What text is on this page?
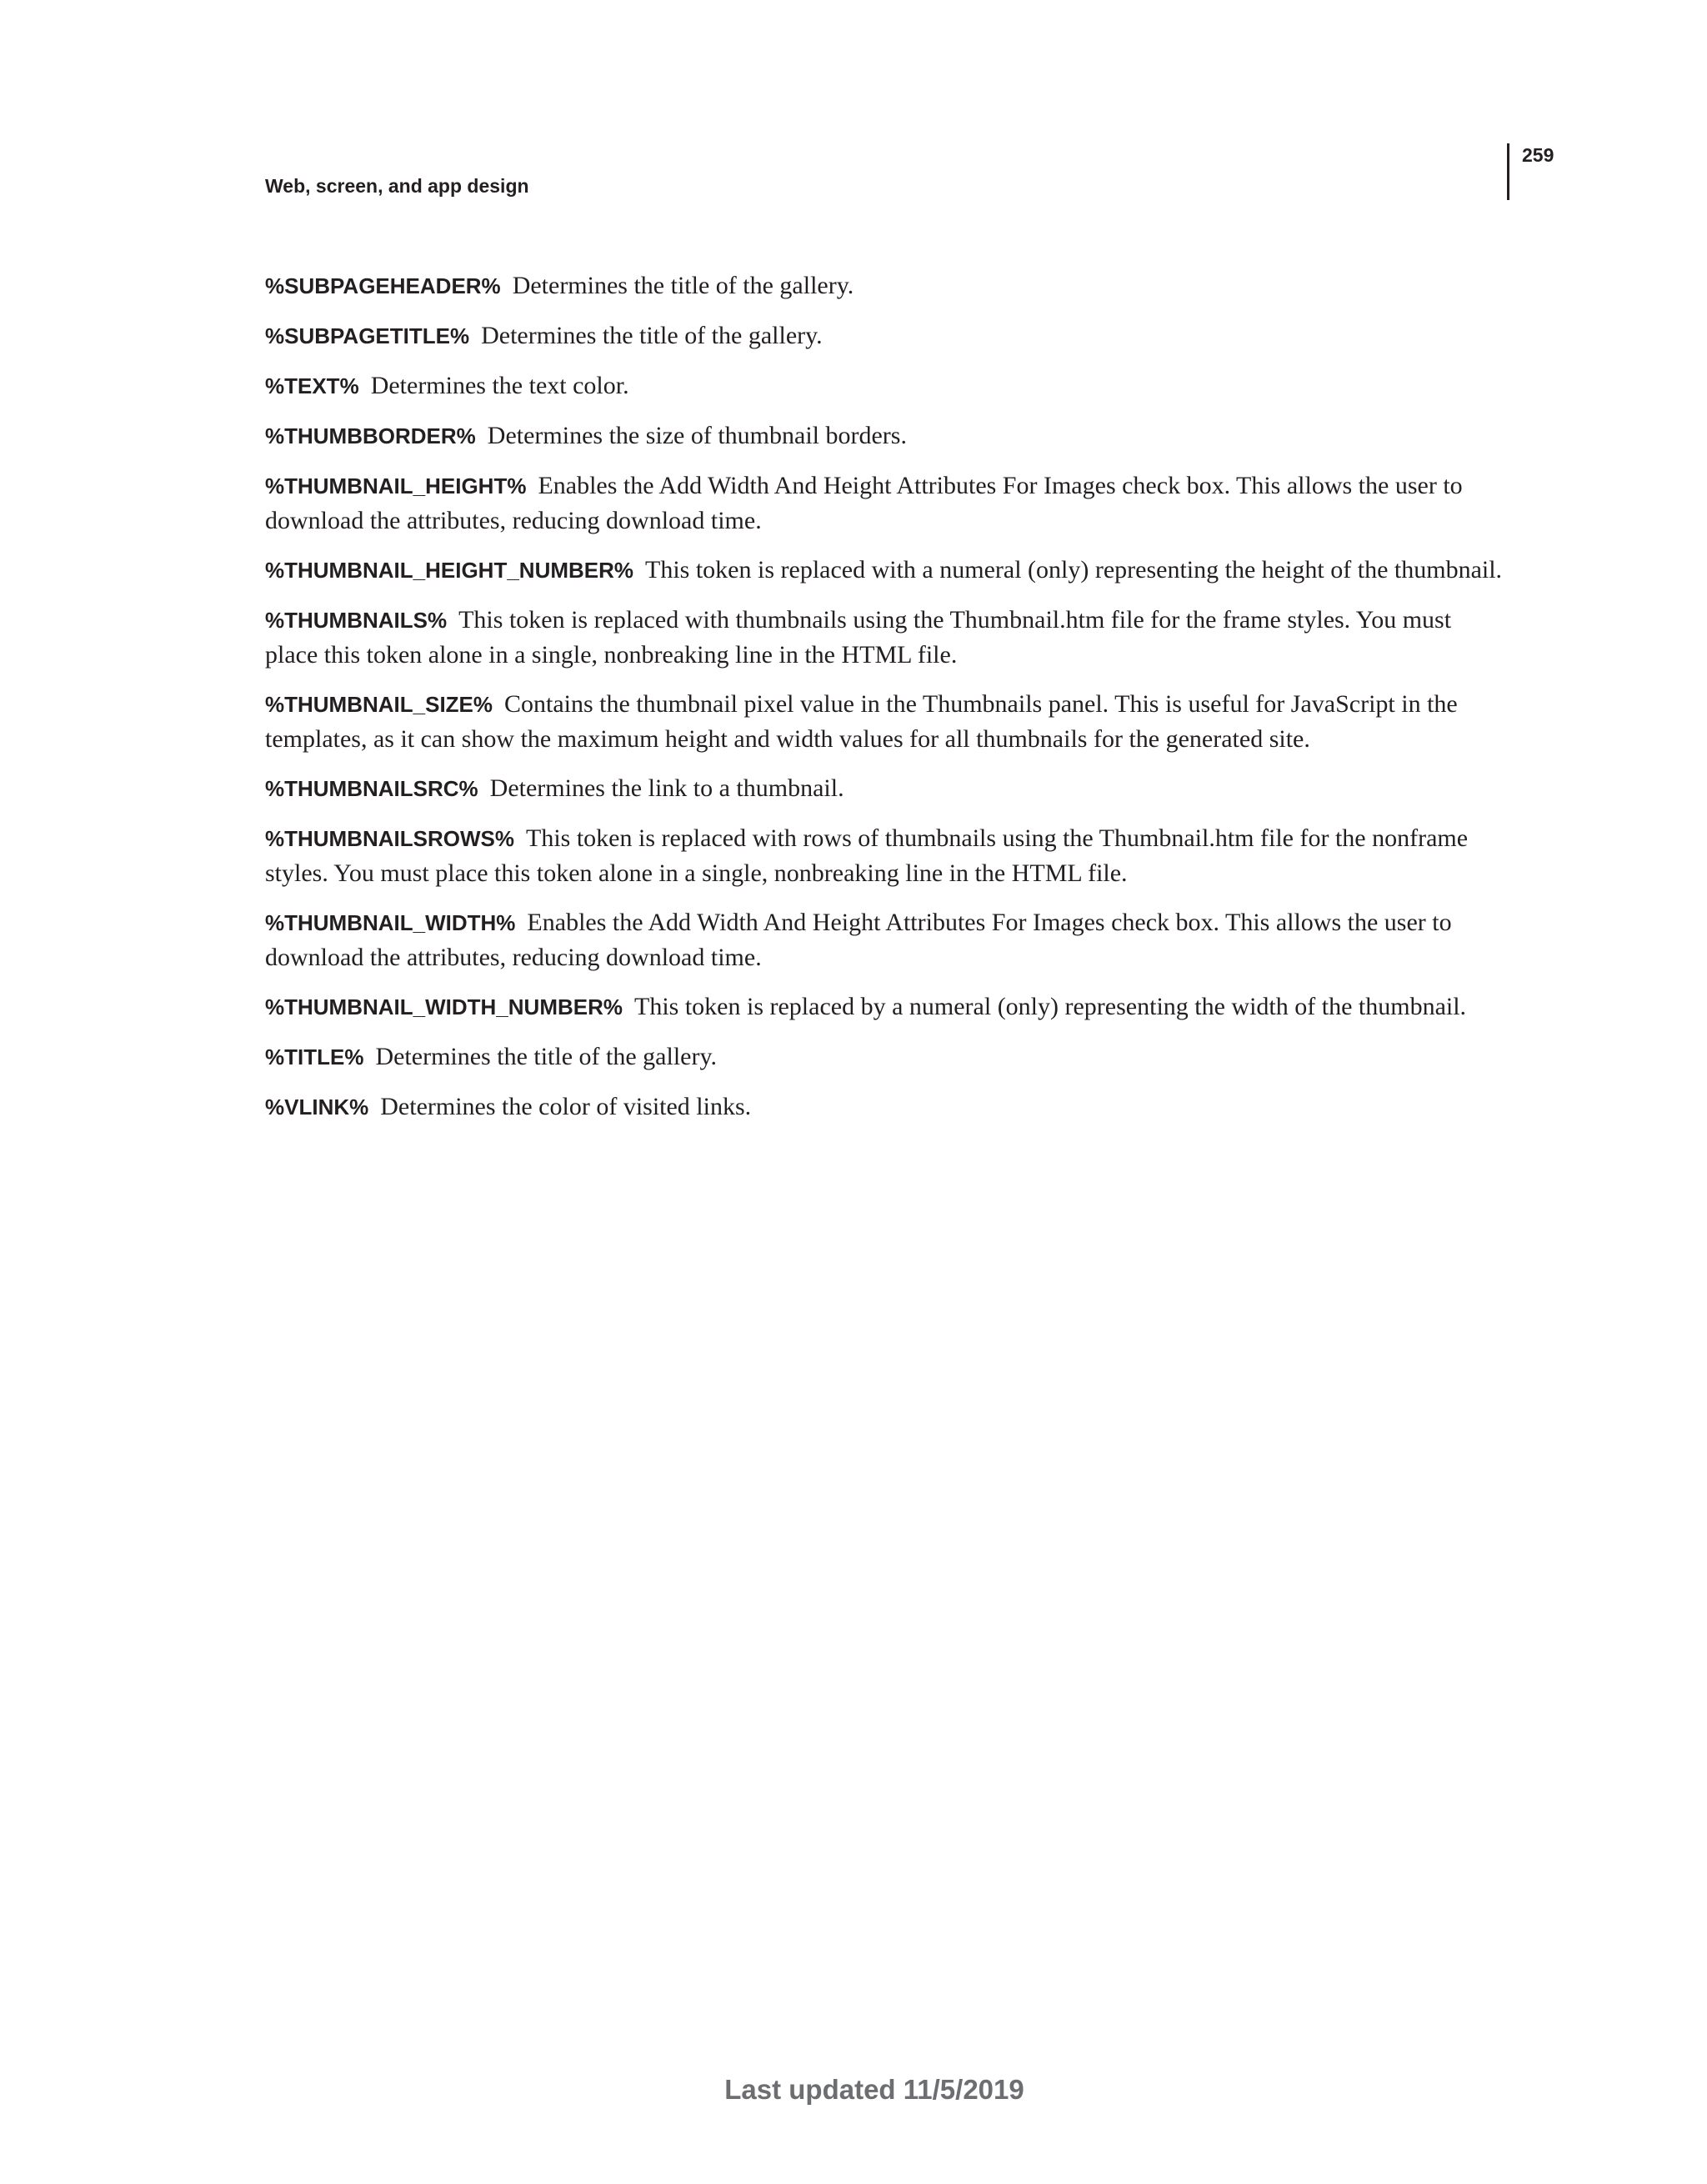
259
Web, screen, and app design

%SUBPAGEHEADER% Determines the title of the gallery.

%SUBPAGETITLE% Determines the title of the gallery.

%TEXT% Determines the text color.

%THUMBBORDER% Determines the size of thumbnail borders.

%THUMBNAIL_HEIGHT% Enables the Add Width And Height Attributes For Images check box. This allows the user to download the attributes, reducing download time.

%THUMBNAIL_HEIGHT_NUMBER% This token is replaced with a numeral (only) representing the height of the thumbnail.

%THUMBNAILS% This token is replaced with thumbnails using the Thumbnail.htm file for the frame styles. You must place this token alone in a single, nonbreaking line in the HTML file.

%THUMBNAIL_SIZE% Contains the thumbnail pixel value in the Thumbnails panel. This is useful for JavaScript in the templates, as it can show the maximum height and width values for all thumbnails for the generated site.

%THUMBNAILSRC% Determines the link to a thumbnail.

%THUMBNAILSROWS% This token is replaced with rows of thumbnails using the Thumbnail.htm file for the nonframe styles. You must place this token alone in a single, nonbreaking line in the HTML file.

%THUMBNAIL_WIDTH% Enables the Add Width And Height Attributes For Images check box. This allows the user to download the attributes, reducing download time.

%THUMBNAIL_WIDTH_NUMBER% This token is replaced by a numeral (only) representing the width of the thumbnail.

%TITLE% Determines the title of the gallery.

%VLINK% Determines the color of visited links.

Last updated 11/5/2019
